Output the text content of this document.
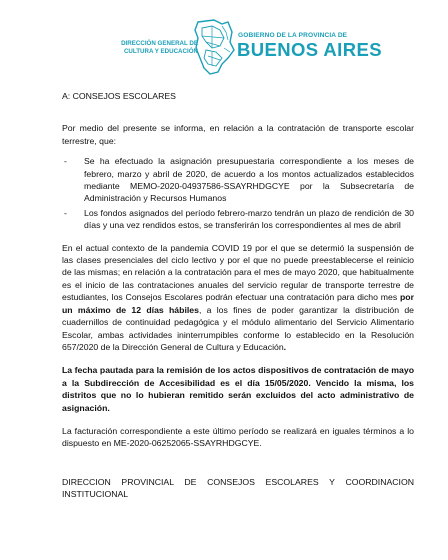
DIRECCIÓN GENERAL DE CULTURA Y EDUCACIÓN
GOBIERNO DE LA PROVINCIA DE
BUENOS AIRES

A: CONSEJOS ESCOLARES

Por medio del presente se informa, en relación a la contratación de transporte escolar terrestre, que:

- Se ha efectuado la asignación presupuestaria correspondiente a los meses de febrero, marzo y abril de 2020, de acuerdo a los montos actualizados establecidos mediante MEMO-2020-04937586-SSAYRHDGCYE por la Subsecretaría de Administración y Recursos Humanos
- Los fondos asignados del período febrero-marzo tendrán un plazo de rendición de 30 días y una vez rendidos estos, se transferirán los correspondientes al mes de abril

En el actual contexto de la pandemia COVID 19 por el que se determió la suspensión de las clases presenciales del ciclo lectivo y por el que no puede preestablecerse el reinicio de las mismas; en relación a la contratación para el mes de mayo 2020, que habitualmente es el inicio de las contrataciones anuales del servicio regular de transporte terrestre de estudiantes, los Consejos Escolares podrán efectuar una contratación para dicho mes por un máximo de 12 días hábiles, a los fines de poder garantizar la distribución de cuadernillos de continuidad pedagógica y el módulo alimentario del Servicio Alimentario Escolar, ambas actividades ininterrumpibles conforme lo establecido en la Resolución 657/2020 de la Dirección General de Cultura y Educación.

La fecha pautada para la remisión de los actos dispositivos de contratación de mayo a la Subdirección de Accesibilidad es el día 15/05/2020. Vencido la misma, los distritos que no lo hubieran remitido serán excluidos del acto administrativo de asignación.

La facturación correspondiente a este último período se realizará en iguales términos a lo dispuesto en ME-2020-06252065-SSAYRHDGCYE.

DIRECCION PROVINCIAL DE CONSEJOS ESCOLARES Y COORDINACION INSTITUCIONAL
